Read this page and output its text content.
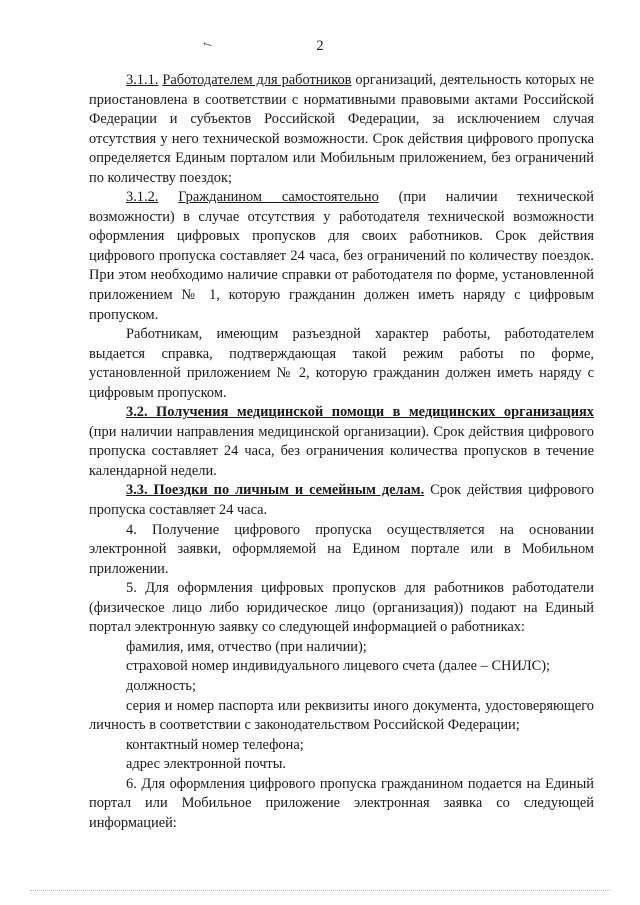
2
↖

3.1.1. Работодателем для работников организаций, деятельность которых не приостановлена в соответствии с нормативными правовыми актами Российской Федерации и субъектов Российской Федерации, за исключением случая отсутствия у него технической возможности. Срок действия цифрового пропуска определяется Единым порталом или Мобильным приложением, без ограничений по количеству поездок;

3.1.2. Гражданином самостоятельно (при наличии технической возможности) в случае отсутствия у работодателя технической возможности оформления цифровых пропусков для своих работников. Срок действия цифрового пропуска составляет 24 часа, без ограничений по количеству поездок. При этом необходимо наличие справки от работодателя по форме, установленной приложением № 1, которую гражданин должен иметь наряду с цифровым пропуском.

Работникам, имеющим разъездной характер работы, работодателем выдается справка, подтверждающая такой режим работы по форме, установленной приложением № 2, которую гражданин должен иметь наряду с цифровым пропуском.

3.2. Получения медицинской помощи в медицинских организациях (при наличии направления медицинской организации). Срок действия цифрового пропуска составляет 24 часа, без ограничения количества пропусков в течение календарной недели.

3.3. Поездки по личным и семейным делам. Срок действия цифрового пропуска составляет 24 часа.

4. Получение цифрового пропуска осуществляется на основании электронной заявки, оформляемой на Едином портале или в Мобильном приложении.

5. Для оформления цифровых пропусков для работников работодатели (физическое лицо либо юридическое лицо (организация)) подают на Единый портал электронную заявку со следующей информацией о работниках:

фамилия, имя, отчество (при наличии);

страховой номер индивидуального лицевого счета (далее – СНИЛС);

должность;

серия и номер паспорта или реквизиты иного документа, удостоверяющего личность в соответствии с законодательством Российской Федерации;

контактный номер телефона;

адрес электронной почты.

6. Для оформления цифрового пропуска гражданином подается на Единый портал или Мобильное приложение электронная заявка со следующей информацией:
